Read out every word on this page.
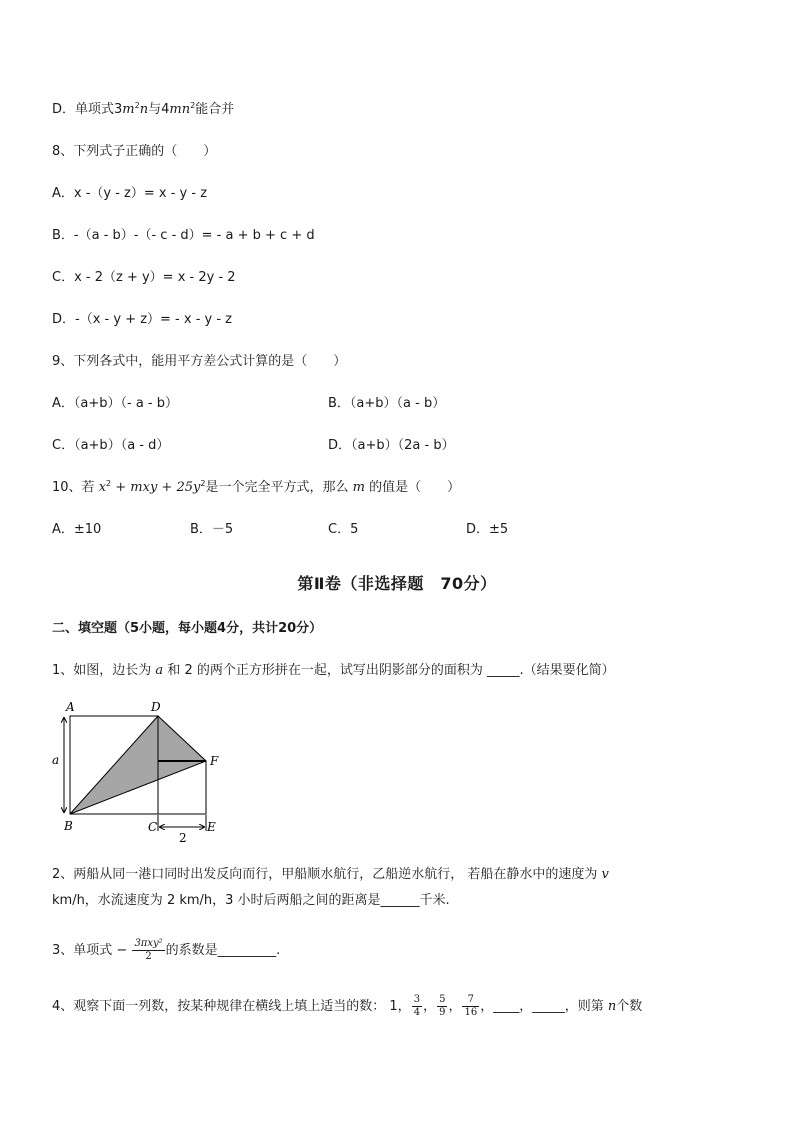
D．单项式$3m^2n$与$4mn^2$能合并
8、下列式子正确的（　　）
A．x -（y - z）= x - y - z
B．-（a - b）-（- c - d）= - a + b + c + d
C．x - 2（z + y）= x - 2y - 2
D．-（x - y + z）= - x - y - z
9、下列各式中，能用平方差公式计算的是（　　）
A．（a+b）（- a - b）	B．（a+b）（a - b）
C．（a+b）（a - d）	D．（a+b）（2a - b）
10、若 $x^2$ + mxy + $25y^2$是一个完全平方式，那么 m 的值是（　　）
A．±10	B．－5	C．5	D．±5
第Ⅱ卷（非选择题　70分）
二、填空题（5小题，每小题4分，共计20分）
1、如图，边长为 a 和 2 的两个正方形拼在一起，试写出阴影部分的面积为 _____.（结果要化简）
A	D
F
B	C	E
a
2
2、两船从同一港口同时出发反向而行，甲船顺水航行，乙船逆水航行， 若船在静水中的速度为 v
km/h，水流速度为 2 km/h，3 小时后两船之间的距离是______千米.
3、单项式 − $\frac{\text{3πxy²}}{2}$ 的系数是_________.
4、观察下面一列数，按某种规律在横线上填上适当的数： 1， $\frac{3}{4}$ ， $\frac{5}{9}$ ， $\frac{7}{16}$ ，____，_____，则第 n个数
